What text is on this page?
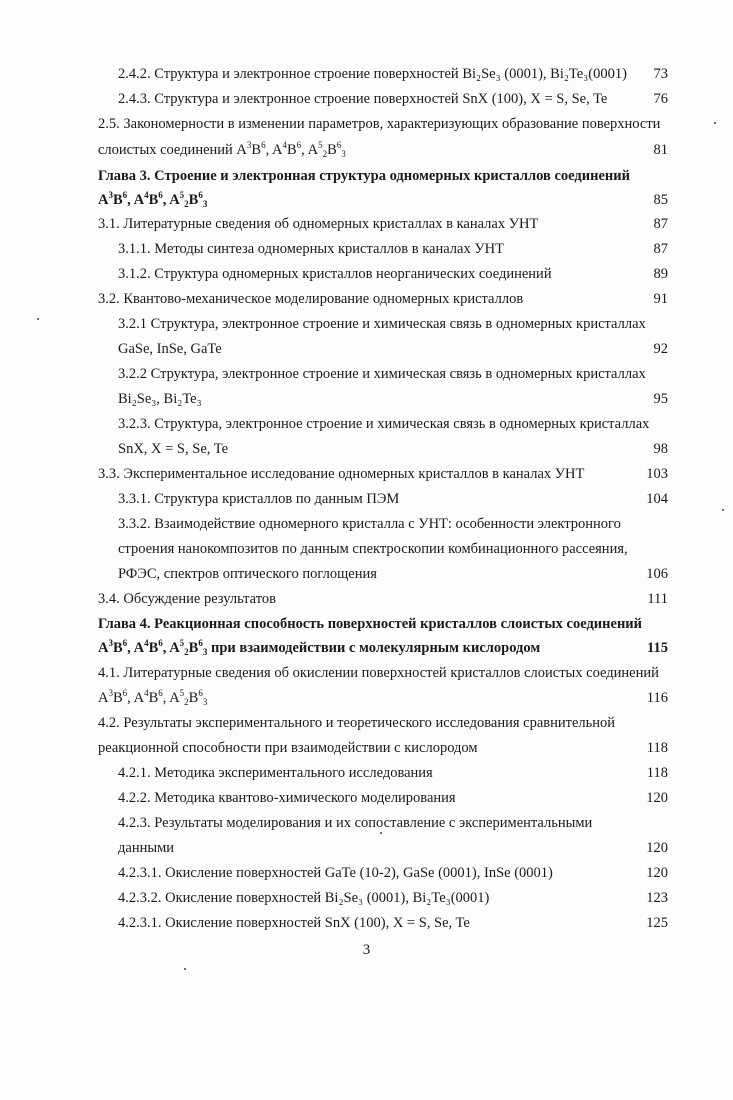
2.4.2. Структура и электронное строение поверхностей Bi₂Se₃ (0001), Bi₂Te₃(0001) 73
2.4.3. Структура и электронное строение поверхностей SnX (100), X = S, Se, Te	76
2.5. Закономерности в изменении параметров, характеризующих образование поверхности
слоистых соединений $A^3B^6$, $A^4B^6$, $A^5_2B^6_3$	81
Глава 3. Строение и электронная структура одномерных кристаллов соединений
$A^3B^6$, $A^4B^6$, $A^5_2B^6_3$	85
3.1. Литературные сведения об одномерных кристаллах в каналах УНТ	87
3.1.1. Методы синтеза одномерных кристаллов в каналах УНТ	87
3.1.2. Структура одномерных кристаллов неорганических соединений	89
3.2. Квантово-механическое моделирование одномерных кристаллов	91
3.2.1 Структура, электронное строение и химическая связь в одномерных кристаллах
GaSe, InSe, GaTe	92
3.2.2 Структура, электронное строение и химическая связь в одномерных кристаллах
Bi₂Se₃, Bi₂Te₃	95
3.2.3. Структура, электронное строение и химическая связь в одномерных кристаллах
SnX, X = S, Se, Te	98
3.3. Экспериментальное исследование одномерных кристаллов в каналах УНТ	103
3.3.1. Структура кристаллов по данным ПЭМ	104
3.3.2. Взаимодействие одномерного кристалла с УНТ: особенности электронного
строения нанокомпозитов по данным спектроскопии комбинационного рассеяния,
РФЭС, спектров оптического поглощения	106
3.4. Обсуждение результатов	111
Глава 4. Реакционная способность поверхностей кристаллов слоистых соединений
$A^3B^6$, $A^4B^6$, $A^5_2B^6_3$ при взаимодействии с молекулярным кислородом	115
4.1. Литературные сведения об окислении поверхностей кристаллов слоистых соединений
$A^3B^6$, $A^4B^6$, $A^5_2B^6_3$	116
4.2. Результаты экспериментального и теоретического исследования сравнительной
реакционной способности при взаимодействии с кислородом	118
4.2.1. Методика экспериментального исследования	118
4.2.2. Методика квантово-химического моделирования	120
4.2.3. Результаты моделирования и их сопоставление с экспериментальными
данными	120
4.2.3.1. Окисление поверхностей GaTe (10-2), GaSe (0001), InSe (0001)	120
4.2.3.2. Окисление поверхностей Bi₂Se₃ (0001), Bi₂Te₃(0001)	123
4.2.3.1. Окисление поверхностей SnX (100), X = S, Se, Te	125
3
